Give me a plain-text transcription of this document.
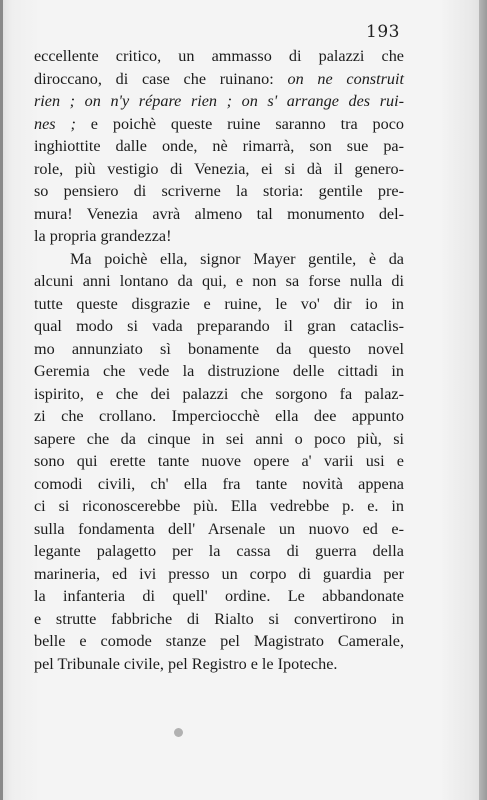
193
eccellente critico, un ammasso di palazzi che
diroccano, di case che ruinano: on ne construit
rien ; on n'y répare rien ; on s' arrange des rui-
nes ; e poichè queste ruine saranno tra poco
inghiottite dalle onde, nè rimarrà, son sue pa-
role, più vestigio di Venezia, ei si dà il genero-
so pensiero di scriverne la storia: gentile pre-
mura! Venezia avrà almeno tal monumento del-
la propria grandezza!
Ma poichè ella, signor Mayer gentile, è da
alcuni anni lontano da qui, e non sa forse nulla di
tutte queste disgrazie e ruine, le vo' dir io in
qual modo si vada preparando il gran cataclis-
mo annunziato sì bonamente da questo novel
Geremia che vede la distruzione delle cittadi in
ispirito, e che dei palazzi che sorgono fa palaz-
zi che crollano. Imperciocchè ella dee appunto
sapere che da cinque in sei anni o poco più, si
sono qui erette tante nuove opere a' varii usi e
comodi civili, ch' ella fra tante novità appena
ci si riconoscerebbe più. Ella vedrebbe p. e. in
sulla fondamenta dell' Arsenale un nuovo ed e-
legante palagetto per la cassa di guerra della
marineria, ed ivi presso un corpo di guardia per
la infanteria di quell' ordine. Le abbandonate
e strutte fabbriche di Rialto si convertirono in
belle e comode stanze pel Magistrato Camerale,
pel Tribunale civile, pel Registro e le Ipoteche.
